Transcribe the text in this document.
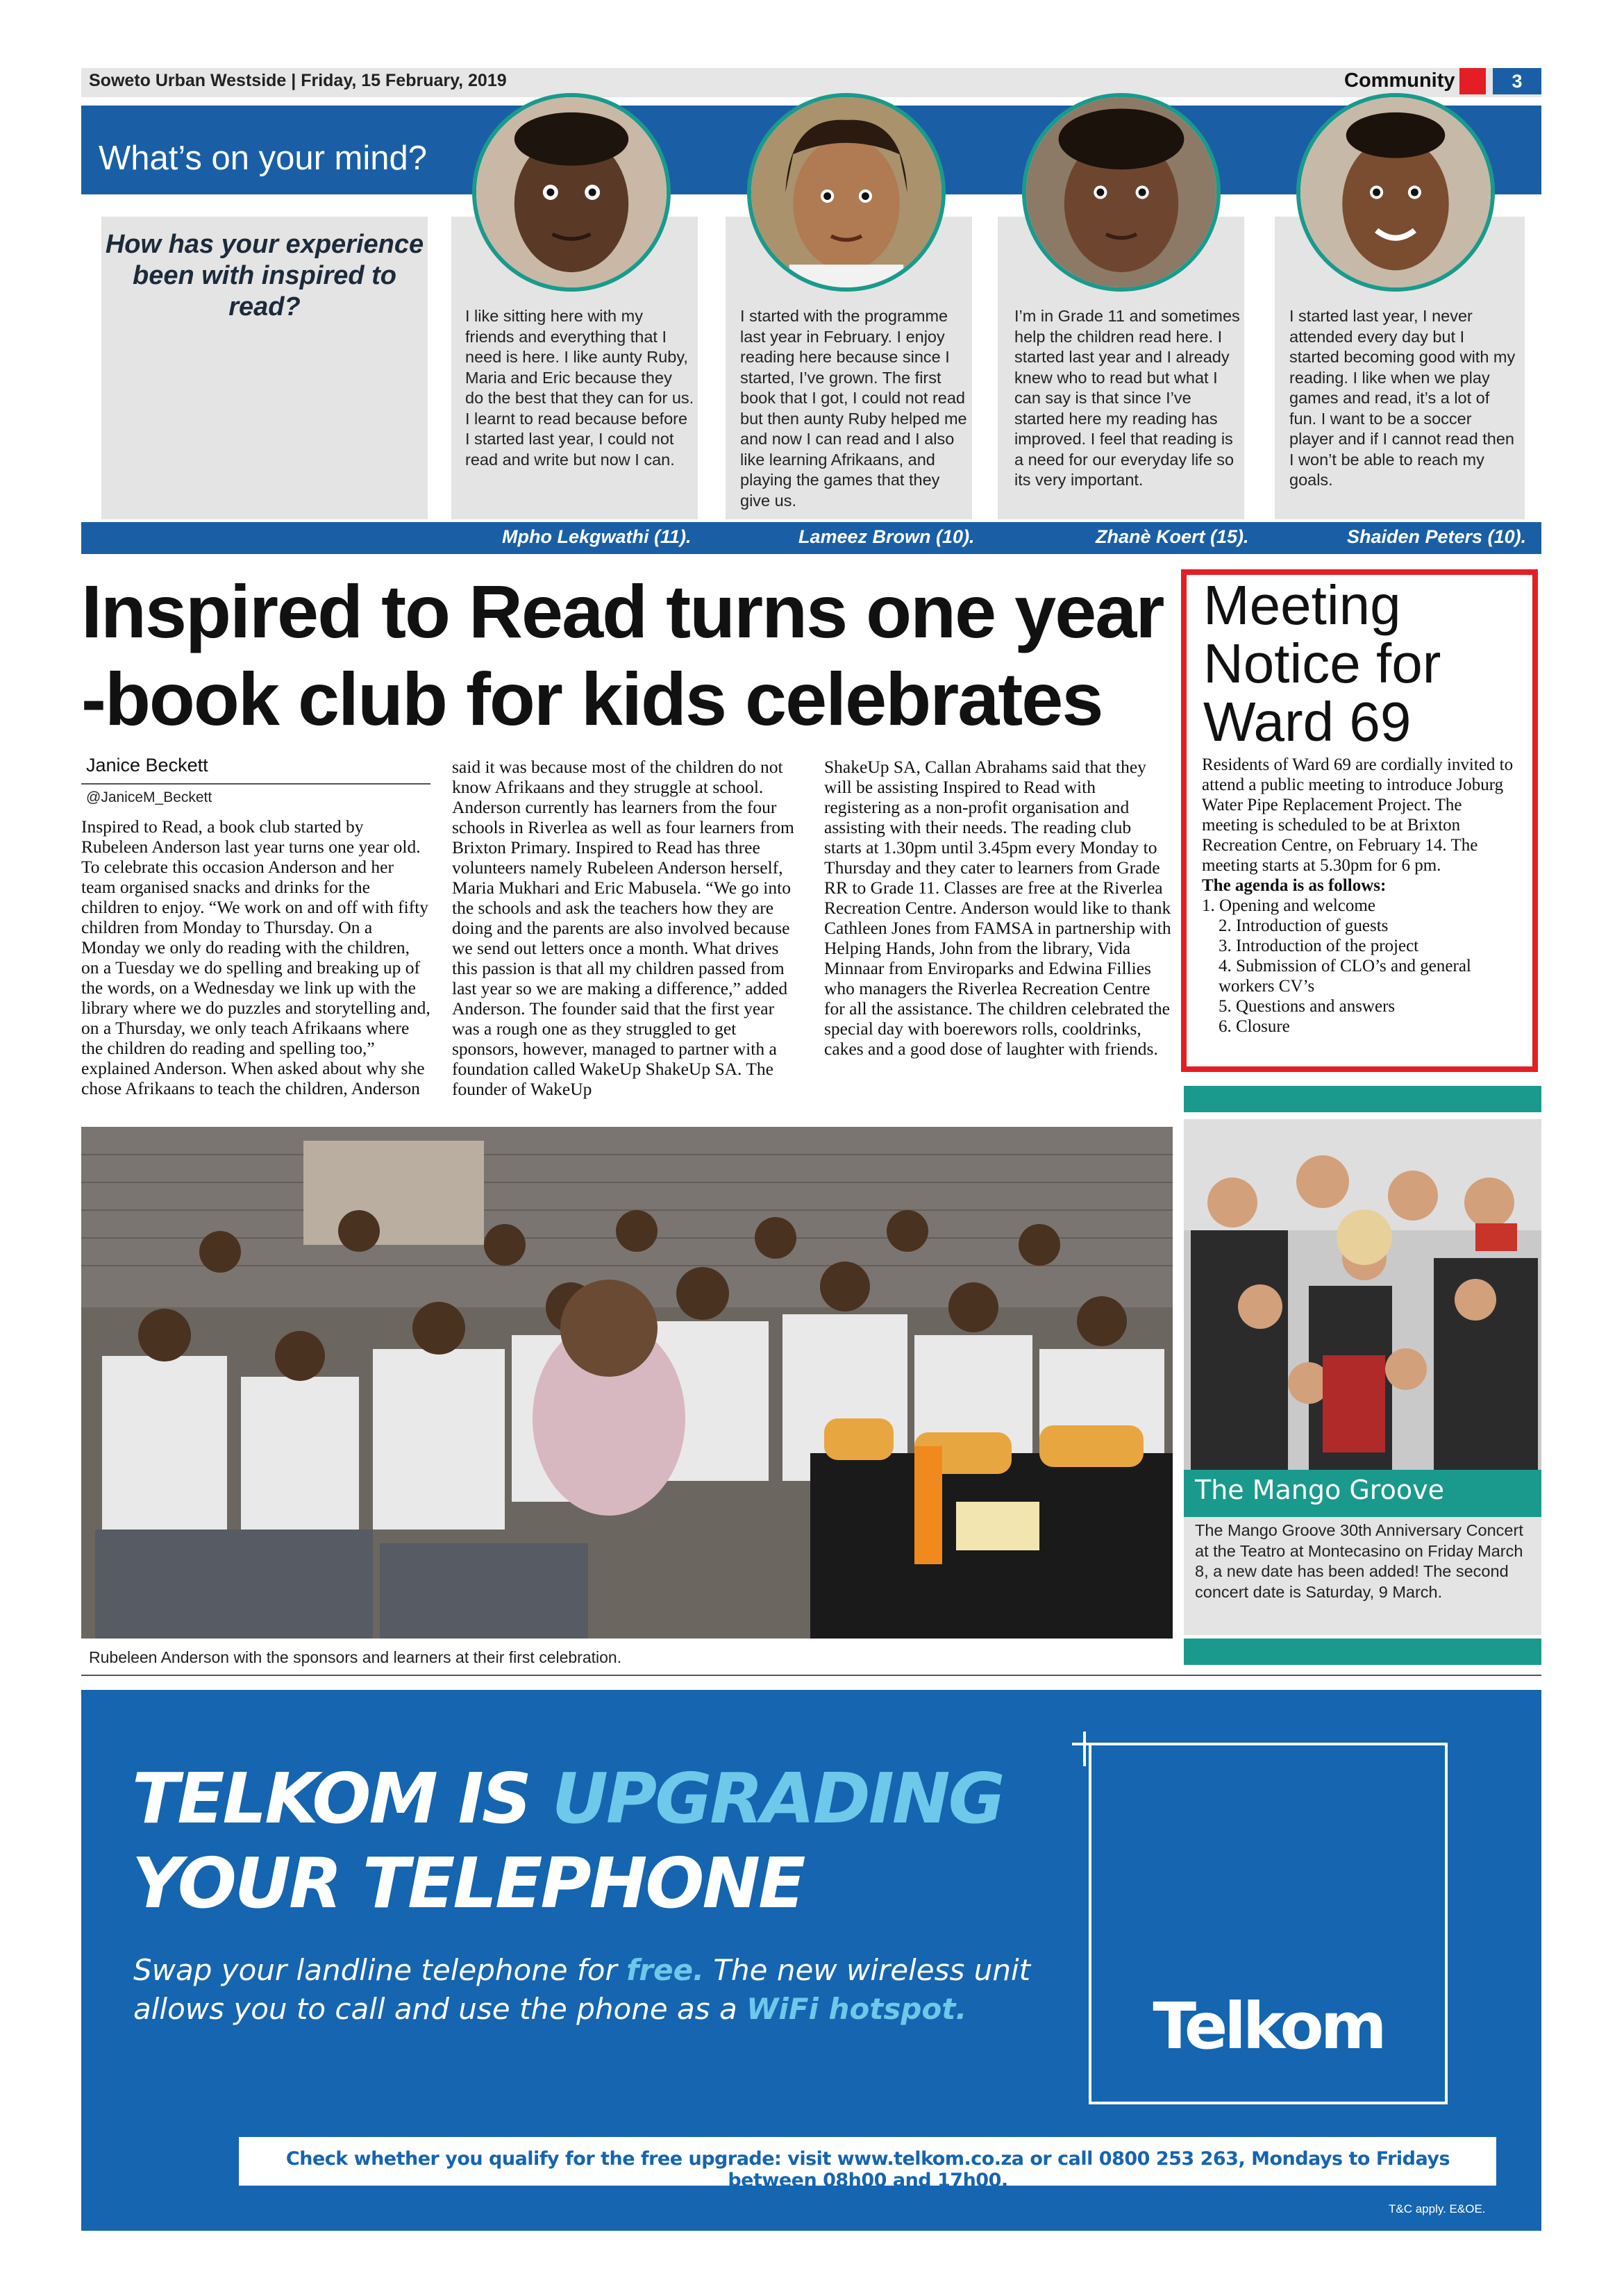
Soweto Urban Westside | Friday, 15 February, 2019	Community	3
What’s on your mind?
How has your experience been with inspired to read?	I like sitting here with my friends and everything that I need is here. I like aunty Ruby, Maria and Eric because they do the best that they can for us. I learnt to read because before I started last year, I could not read and write but now I can.
I started with the programme last year in February. I enjoy reading here because since I started, I’ve grown. The first book that I got, I could not read but then aunty Ruby helped me and now I can read and I also like learning Afrikaans, and playing the games that they give us.
I’m in Grade 11 and sometimes help the children read here. I started last year and I already knew who to read but what I can say is that since I’ve started here my reading has improved. I feel that reading is a need for our everyday life so its very important.
I started last year, I never attended every day but I started becoming good with my reading. I like when we play games and read, it’s a lot of fun. I want to be a soccer player and if I cannot read then I won’t be able to reach my goals.
Mpho Lekgwathi (11).	Lameez Brown (10).	Zhanè Koert (15).	Shaiden Peters (10).
Inspired to Read turns one year -book club for kids celebrates
Janice Beckett
@JaniceM_Beckett
Inspired to Read, a book club started by Rubeleen Anderson last year turns one year old. To celebrate this occasion Anderson and her team organised snacks and drinks for the children to enjoy. “We work on and off with fifty children from Monday to Thursday. On a Monday we only do reading with the children, on a Tuesday we do spelling and breaking up of the words, on a Wednesday we link up with the library where we do puzzles and storytelling and, on a Thursday, we only teach Afrikaans where the children do reading and spelling too,” explained Anderson. When asked about why she chose Afrikaans to teach the children, Anderson
said it was because most of the children do not know Afrikaans and they struggle at school. Anderson currently has learners from the four schools in Riverlea as well as four learners from Brixton Primary. Inspired to Read has three volunteers namely Rubeleen Anderson herself, Maria Mukhari and Eric Mabusela. “We go into the schools and ask the teachers how they are doing and the parents are also involved because we send out letters once a month. What drives this passion is that all my children passed from last year so we are making a difference,” added Anderson. The founder said that the first year was a rough one as they struggled to get sponsors, however, managed to partner with a foundation called WakeUp ShakeUp SA. The founder of WakeUp
ShakeUp SA, Callan Abrahams said that they will be assisting Inspired to Read with registering as a non-profit organisation and assisting with their needs. The reading club starts at 1.30pm until 3.45pm every Monday to Thursday and they cater to learners from Grade RR to Grade 11. Classes are free at the Riverlea Recreation Centre. Anderson would like to thank Cathleen Jones from FAMSA in partnership with Helping Hands, John from the library, Vida Minnaar from Enviroparks and Edwina Fillies who managers the Riverlea Recreation Centre for all the assistance. The children celebrated the special day with boerewors rolls, cooldrinks, cakes and a good dose of laughter with friends.
Meeting Notice for Ward 69
Residents of Ward 69 are cordially invited to attend a public meeting to introduce Joburg Water Pipe Replacement Project. The meeting is scheduled to be at Brixton Recreation Centre, on February 14. The meeting starts at 5.30pm for 6 pm.
The agenda is as follows:
1. Opening and welcome
2. Introduction of guests
3. Introduction of the project
4. Submission of CLO’s and general workers CV’s
5. Questions and answers
6. Closure
Rubeleen Anderson with the sponsors and learners at their first celebration.
The Mango Groove
The Mango Groove 30th Anniversary Concert at the Teatro at Montecasino on Friday March 8, a new date has been added! The second concert date is Saturday, 9 March.
TELKOM IS UPGRADING
YOUR TELEPHONE
Swap your landline telephone for free. The new wireless unit allows you to call and use the phone as a WiFi hotspot.	Telkom
Check whether you qualify for the free upgrade: visit www.telkom.co.za or call 0800 253 263, Mondays to Fridays between 08h00 and 17h00.
T&C apply. E&OE.
